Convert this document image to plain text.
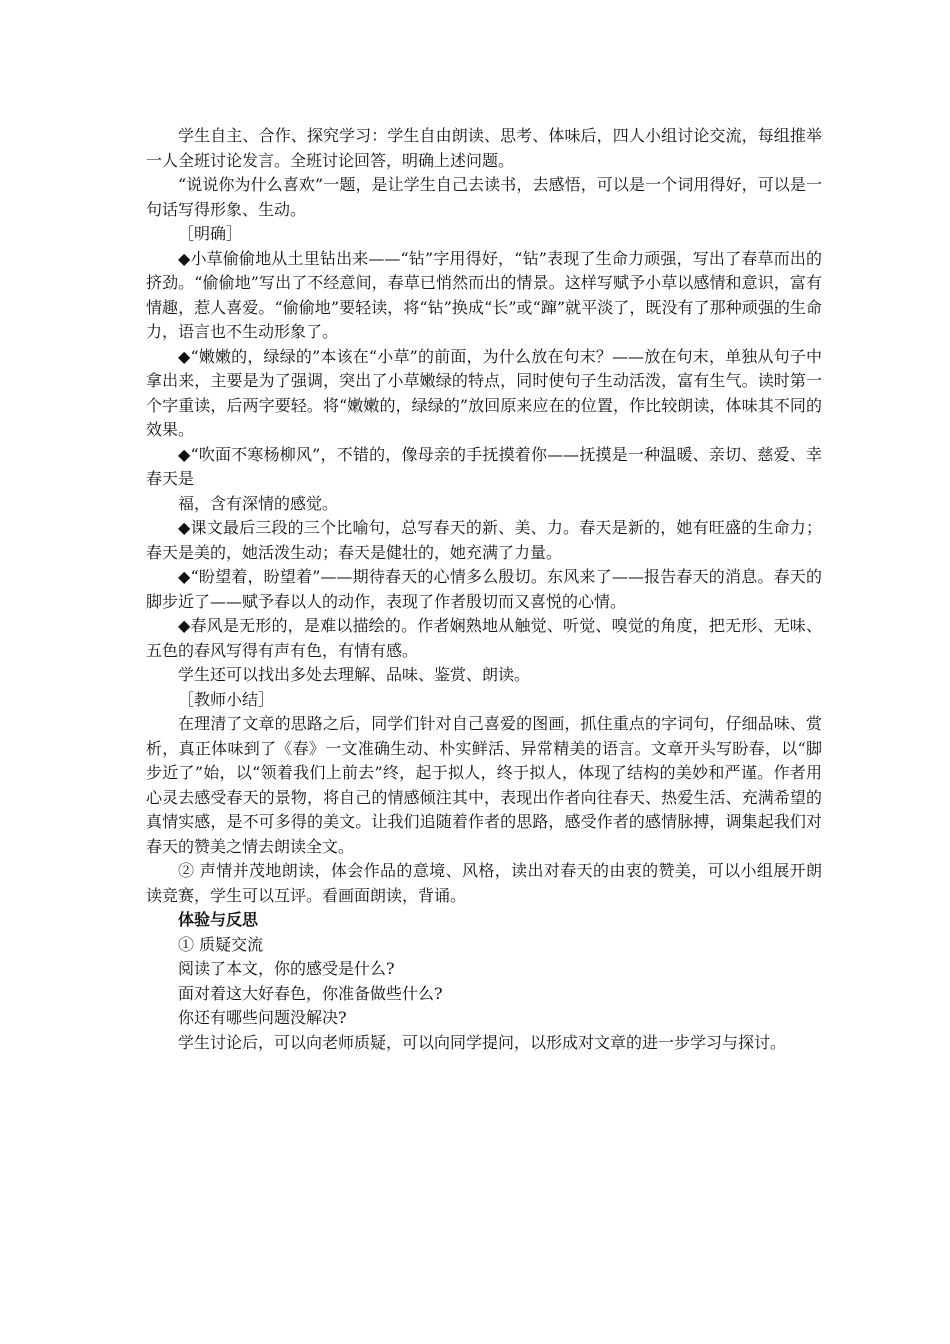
学生自主、合作、探究学习：学生自由朗读、思考、体味后，四人小组讨论交流，每组推举一人全班讨论发言。全班讨论回答，明确上述问题。

“说说你为什么喜欢”一题，是让学生自己去读书，去感悟，可以是一个词用得好，可以是一句话写得形象、生动。

［明确］

◆小草偷偷地从土里钻出来——“钻”字用得好，“钻”表现了生命力顽强，写出了春草而出的挤劲。“偷偷地”写出了不经意间，春草已悄然而出的情景。这样写赋予小草以感情和意识，富有情趣，惹人喜爱。“偷偷地”要轻读，将“钻”换成“长”或“蹿”就平淡了，既没有了那种顽强的生命力，语言也不生动形象了。

◆“嫩嫩的，绿绿的”本该在“小草”的前面，为什么放在句末？——放在句末，单独从句子中拿出来，主要是为了强调，突出了小草嫩绿的特点，同时使句子生动活泼，富有生气。读时第一个字重读，后两字要轻。将“嫩嫩的，绿绿的”放回原来应在的位置，作比较朗读，体味其不同的效果。

◆“吹面不寒杨柳风”，不错的，像母亲的手抚摸着你——抚摸是一种温暖、亲切、慈爱、幸春天是

福，含有深情的感觉。

◆课文最后三段的三个比喻句，总写春天的新、美、力。春天是新的，她有旺盛的生命力；春天是美的，她活泼生动；春天是健壮的，她充满了力量。

◆“盼望着，盼望着”——期待春天的心情多么殷切。东风来了——报告春天的消息。春天的脚步近了——赋予春以人的动作，表现了作者殷切而又喜悦的心情。

◆春风是无形的，是难以描绘的。作者娴熟地从触觉、听觉、嗅觉的角度，把无形、无味、五色的春风写得有声有色，有情有感。

学生还可以找出多处去理解、品味、鉴赏、朗读。

［教师小结］

在理清了文章的思路之后，同学们针对自己喜爱的图画，抓住重点的字词句，仔细品味、赏析，真正体味到了《春》一文准确生动、朴实鲜活、异常精美的语言。文章开头写盼春，以“脚步近了”始，以“领着我们上前去”终，起于拟人，终于拟人，体现了结构的美妙和严谨。作者用心灵去感受春天的景物，将自己的情感倾注其中，表现出作者向往春天、热爱生活、充满希望的真情实感，是不可多得的美文。让我们追随着作者的思路，感受作者的感情脉搏，调集起我们对春天的赞美之情去朗读全文。

② 声情并茂地朗读，体会作品的意境、风格，读出对春天的由衷的赞美，可以小组展开朗读竞赛，学生可以互评。看画面朗读，背诵。

体验与反思

① 质疑交流

阅读了本文，你的感受是什么?

面对着这大好春色，你准备做些什么?

你还有哪些问题没解决?

学生讨论后，可以向老师质疑，可以向同学提问，以形成对文章的进一步学习与探讨。
